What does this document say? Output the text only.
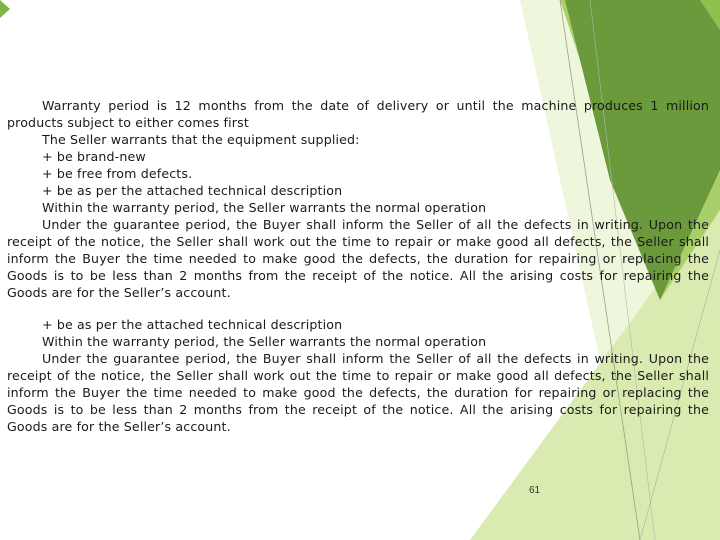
Warranty period is 12 months from the date of delivery or until the machine produces 1 million products subject to either comes first

The Seller warrants that the equipment supplied:

+ be brand-new

+ be free from defects.

+ be as per the attached technical description

Within the warranty period, the Seller warrants the normal operation

Under the guarantee period, the Buyer shall inform the Seller of all the defects in writing. Upon the receipt of the notice, the Seller shall work out the time to repair or make good all defects, the Seller shall inform the Buyer the time needed to make good the defects, the duration for repairing or replacing the Goods is to be less than 2 months from the receipt of the notice. All the arising costs for repairing the Goods are for the Seller’s account.

+ be as per the attached technical description

Within the warranty period, the Seller warrants the normal operation

Under the guarantee period, the Buyer shall inform the Seller of all the defects in writing. Upon the receipt of the notice, the Seller shall work out the time to repair or make good all defects, the Seller shall inform the Buyer the time needed to make good the defects, the duration for repairing or replacing the Goods is to be less than 2 months from the receipt of the notice. All the arising costs for repairing the Goods are for the Seller’s account.

61
